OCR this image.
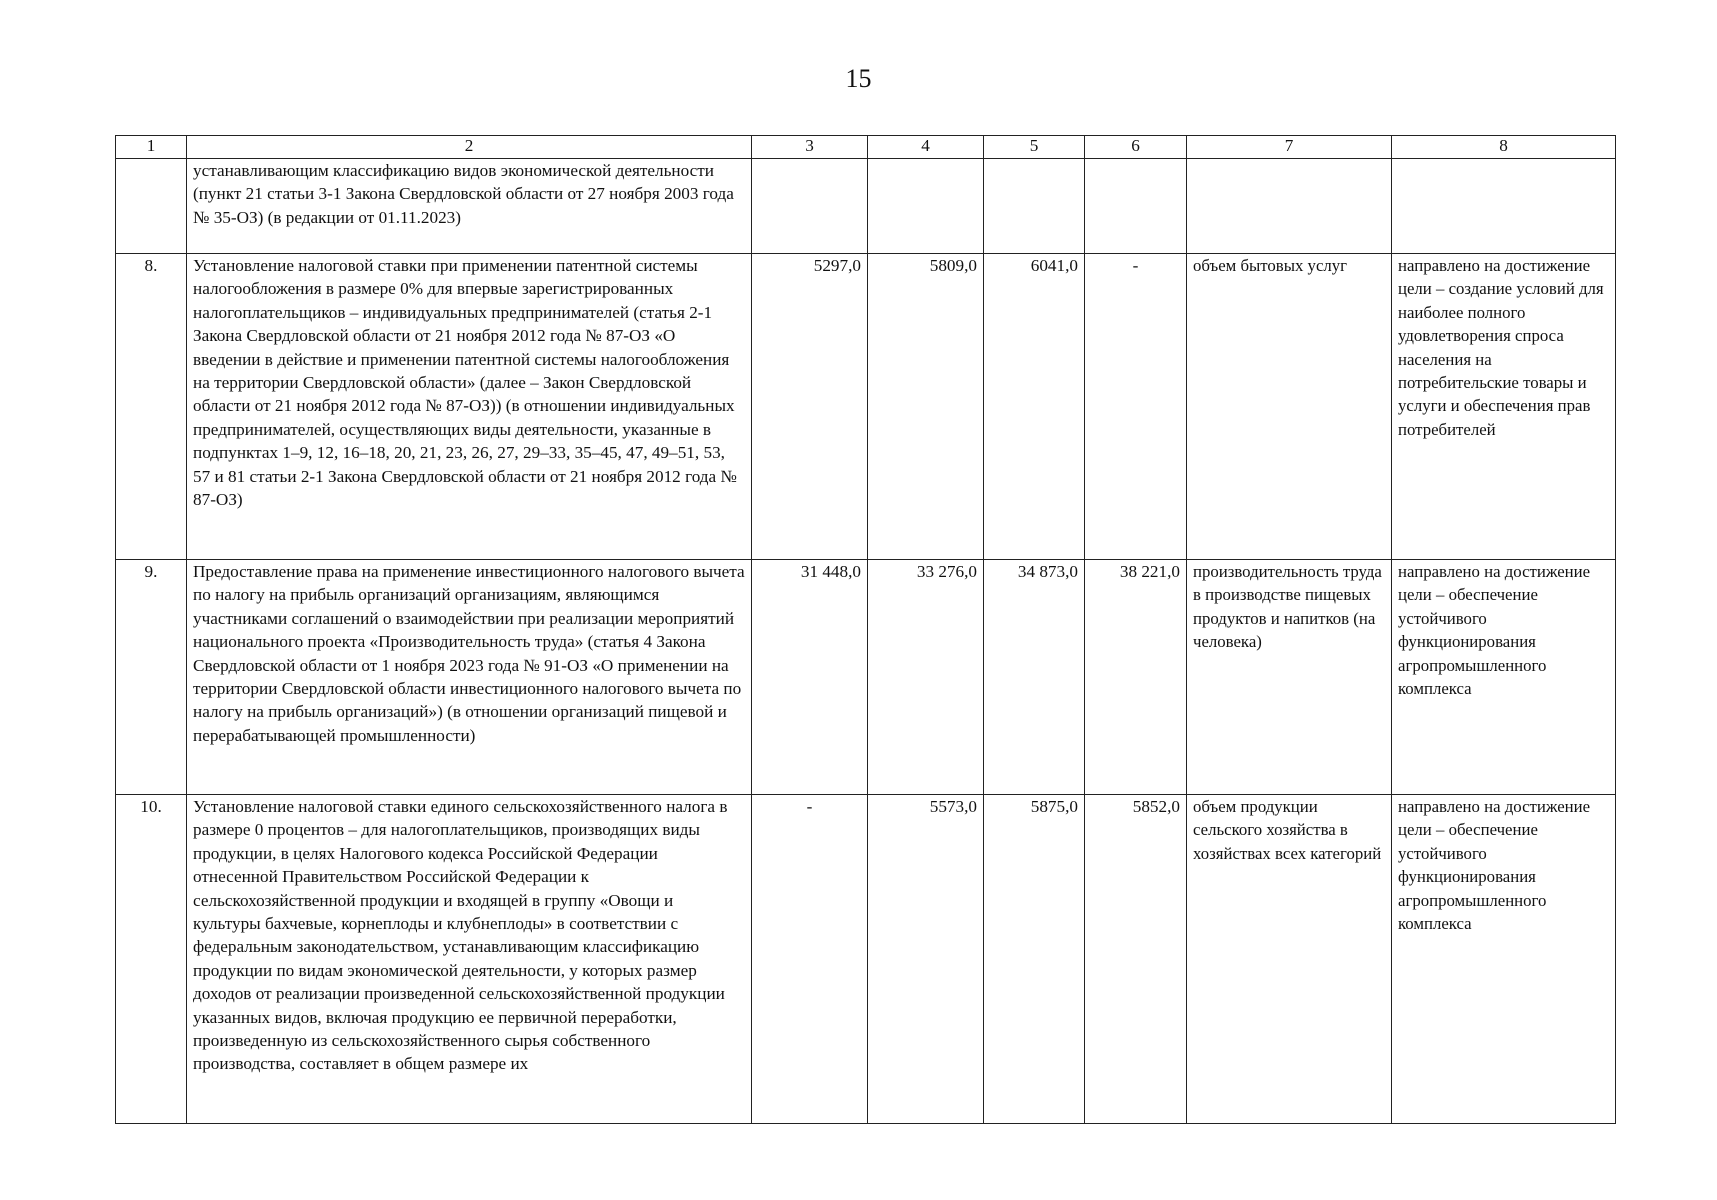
15
1	2	3	4	5	6	7	8
	устанавливающим классификацию видов экономической деятельности (пункт 21 статьи 3-1 Закона Свердловской области от 27 ноября 2003 года № 35-ОЗ) (в редакции от 01.11.2023)						
8.	Установление налоговой ставки при применении патентной системы налогообложения в размере 0% для впервые зарегистрированных налогоплательщиков – индивидуальных предпринимателей (статья 2-1 Закона Свердловской области от 21 ноября 2012 года № 87-ОЗ «О введении в действие и применении патентной системы налогообложения на территории Свердловской области» (далее – Закон Свердловской области от 21 ноября 2012 года № 87-ОЗ)) (в отношении индивидуальных предпринимателей, осуществляющих виды деятельности, указанные в подпунктах 1–9, 12, 16–18, 20, 21, 23, 26, 27, 29–33, 35–45, 47, 49–51, 53, 57 и 81 статьи 2-1 Закона Свердловской области от 21 ноября 2012 года № 87-ОЗ)	5297,0	5809,0	6041,0	-	объем бытовых услуг	направлено на достижение цели – создание условий для наиболее полного удовлетворения спроса населения на потребительские товары и услуги и обеспечения прав потребителей
9.	Предоставление права на применение инвестиционного налогового вычета по налогу на прибыль организаций организациям, являющимся участниками соглашений о взаимодействии при реализации мероприятий национального проекта «Производительность труда» (статья 4 Закона Свердловской области от 1 ноября 2023 года № 91-ОЗ «О применении на территории Свердловской области инвестиционного налогового вычета по налогу на прибыль организаций») (в отношении организаций пищевой и перерабатывающей промышленности)	31 448,0	33 276,0	34 873,0	38 221,0	производительность труда в производстве пищевых продуктов и напитков (на человека)	направлено на достижение цели – обеспечение устойчивого функционирования агропромышленного комплекса
10.	Установление налоговой ставки единого сельскохозяйственного налога в размере 0 процентов – для налогоплательщиков, производящих виды продукции, в целях Налогового кодекса Российской Федерации отнесенной Правительством Российской Федерации к сельскохозяйственной продукции и входящей в группу «Овощи и культуры бахчевые, корнеплоды и клубнеплоды» в соответствии с федеральным законодательством, устанавливающим классификацию продукции по видам экономической деятельности, у которых размер доходов от реализации произведенной сельскохозяйственной продукции указанных видов, включая продукцию ее первичной переработки, произведенную из сельскохозяйственного сырья собственного производства, составляет в общем размере их	-	5573,0	5875,0	5852,0	объем продукции сельского хозяйства в хозяйствах всех категорий	направлено на достижение цели – обеспечение устойчивого функционирования агропромышленного комплекса
